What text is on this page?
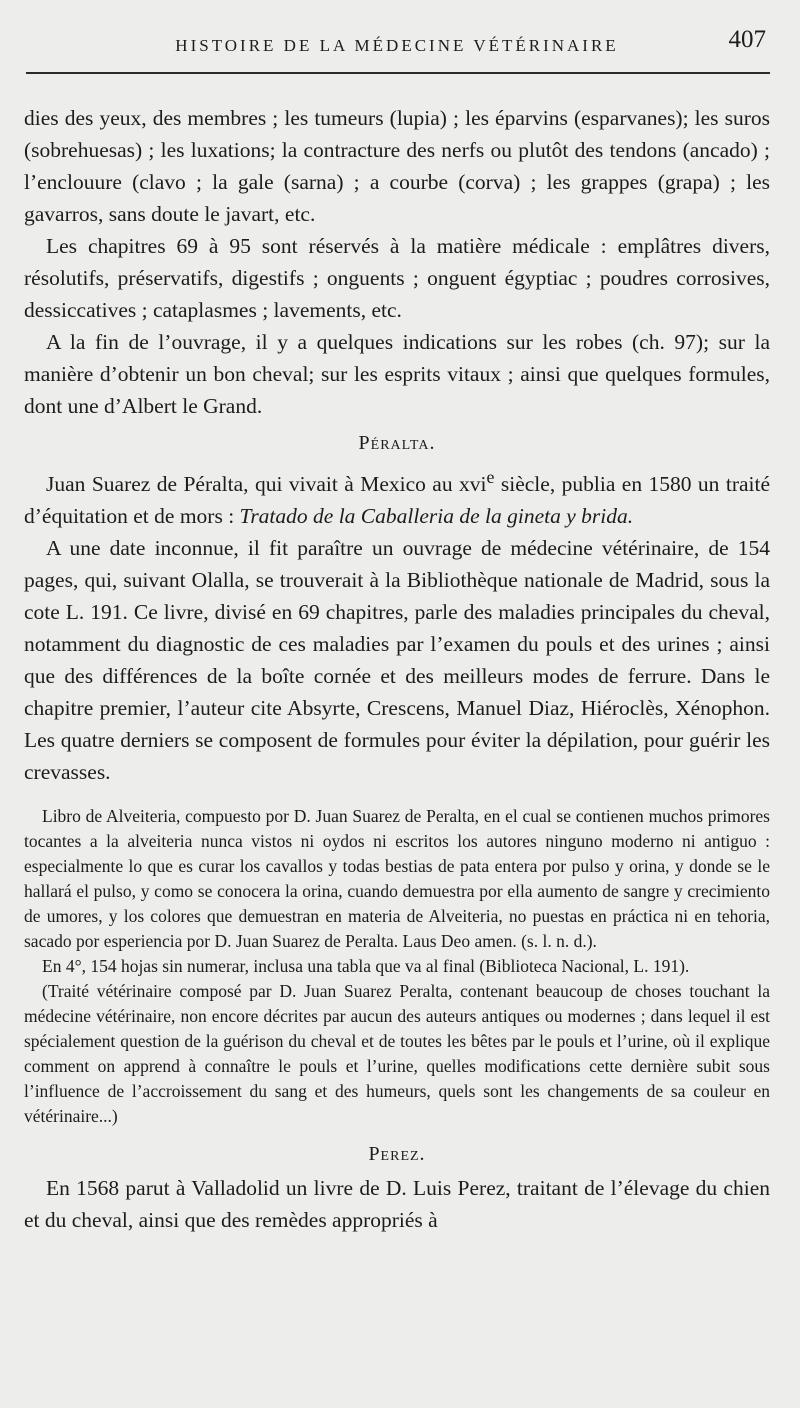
HISTOIRE DE LA MÉDECINE VÉTÉRINAIRE	407

dies des yeux, des membres ; les tumeurs (lupia) ; les éparvins (esparvanes); les suros (sobrehuesas) ; les luxations; la contracture des nerfs ou plutôt des tendons (ancado) ; l’enclouure (clavo ; la gale (sarna) ; a courbe (corva) ; les grappes (grapa) ; les gavarros, sans doute le javart, etc.

Les chapitres 69 à 95 sont réservés à la matière médicale : emplâtres divers, résolutifs, préservatifs, digestifs ; onguents ; onguent égyptiac ; poudres corrosives, dessiccatives ; cataplasmes ; lavements, etc.

A la fin de l’ouvrage, il y a quelques indications sur les robes (ch. 97); sur la manière d’obtenir un bon cheval; sur les esprits vitaux ; ainsi que quelques formules, dont une d’Albert le Grand.

Péralta.

Juan Suarez de Péralta, qui vivait à Mexico au xvi$^e$ siècle, publia en 1580 un traité d’équitation et de mors : Tratado de la Caballeria de la gineta y brida.

A une date inconnue, il fit paraître un ouvrage de médecine vétérinaire, de 154 pages, qui, suivant Olalla, se trouverait à la Bibliothèque nationale de Madrid, sous la cote L. 191. Ce livre, divisé en 69 chapitres, parle des maladies principales du cheval, notamment du diagnostic de ces maladies par l’examen du pouls et des urines ; ainsi que des différences de la boîte cornée et des meilleurs modes de ferrure. Dans le chapitre premier, l’auteur cite Absyrte, Crescens, Manuel Diaz, Hiéroclès, Xénophon. Les quatre derniers se composent de formules pour éviter la dépilation, pour guérir les crevasses.

Libro de Alveiteria, compuesto por D. Juan Suarez de Peralta, en el cual se contienen muchos primores tocantes a la alveiteria nunca vistos ni oydos ni escritos los autores ninguno moderno ni antiguo : especialmente lo que es curar los cavallos y todas bestias de pata entera por pulso y orina, y donde se le hallará el pulso, y como se conocera la orina, cuando demuestra por ella aumento de sangre y crecimiento de umores, y los colores que demuestran en materia de Alveiteria, no puestas en práctica ni en tehoria, sacado por esperiencia por D. Juan Suarez de Peralta. Laus Deo amen. (s. l. n. d.).

En 4°, 154 hojas sin numerar, inclusa una tabla que va al final (Biblioteca Nacional, L. 191).

(Traité vétérinaire composé par D. Juan Suarez Peralta, contenant beaucoup de choses touchant la médecine vétérinaire, non encore décrites par aucun des auteurs antiques ou modernes ; dans lequel il est spécialement question de la guérison du cheval et de toutes les bêtes par le pouls et l’urine, où il explique comment on apprend à connaître le pouls et l’urine, quelles modifications cette dernière subit sous l’influence de l’accroissement du sang et des humeurs, quels sont les changements de sa couleur en vétérinaire...)

Perez.

En 1568 parut à Valladolid un livre de D. Luis Perez, traitant de l’élevage du chien et du cheval, ainsi que des remèdes appropriés à
